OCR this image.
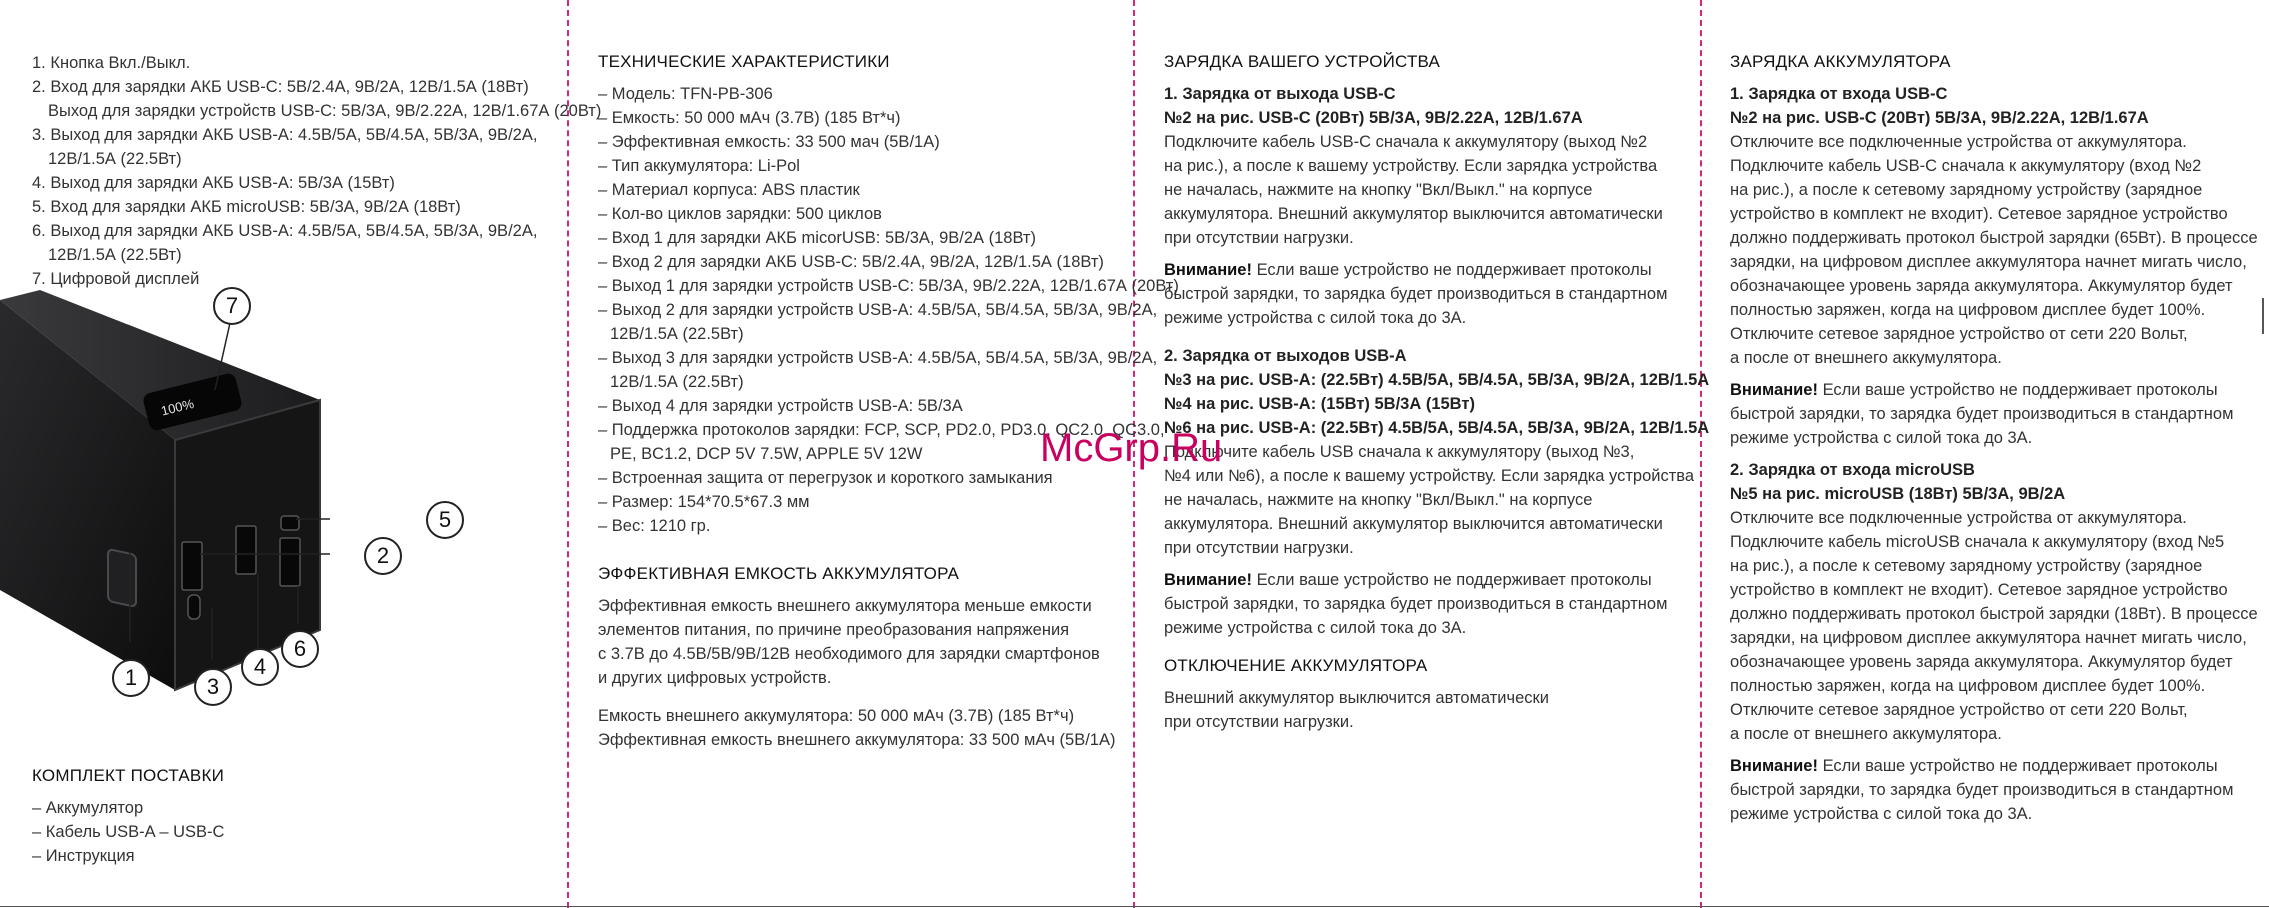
1. Кнопка Вкл./Выкл.
2. Вход для зарядки АКБ USB-C: 5В/2.4А, 9В/2А, 12В/1.5А (18Вт)
Выход для зарядки устройств USB-C: 5В/3А, 9В/2.22А, 12В/1.67А (20Вт)
3. Выход для зарядки АКБ USB-A: 4.5В/5А, 5В/4.5А, 5В/3А, 9В/2А,
12В/1.5А (22.5Вт)
4. Выход для зарядки АКБ USB-A: 5В/3А (15Вт)
5. Вход для зарядки АКБ microUSB: 5В/3А, 9В/2А (18Вт)
6. Выход для зарядки АКБ USB-A: 4.5В/5А, 5В/4.5А, 5В/3А, 9В/2А,
12В/1.5А (22.5Вт)
7. Цифровой дисплей
КОМПЛЕКТ ПОСТАВКИ
– Аккумулятор
– Кабель USB-A – USB-C
– Инструкция
100%
7
5
2
1	3
4
6
ТЕХНИЧЕСКИЕ ХАРАКТЕРИСТИКИ
– Модель: TFN-PB-306
– Емкость: 50 000 мАч (3.7В) (185 Вт*ч)
– Эффективная емкость: 33 500 мач (5В/1А)
– Тип аккумулятора: Li-Pol
– Материал корпуса: ABS пластик
– Кол-во циклов зарядки: 500 циклов
– Вход 1 для зарядки АКБ micorUSB: 5В/3А, 9В/2А (18Вт)
– Вход 2 для зарядки АКБ USB-C: 5В/2.4А, 9В/2А, 12В/1.5А (18Вт)
– Выход 1 для зарядки устройств USB-C: 5В/3А, 9В/2.22А, 12В/1.67А (20Вт)
– Выход 2 для зарядки устройств USB-A: 4.5В/5А, 5В/4.5А, 5В/3А, 9В/2А,
12В/1.5А (22.5Вт)
– Выход 3 для зарядки устройств USB-A: 4.5В/5А, 5В/4.5А, 5В/3А, 9В/2А,
12В/1.5А (22.5Вт)
– Выход 4 для зарядки устройств USB-A: 5В/3А
– Поддержка протоколов зарядки: FCP, SCP, PD2.0, PD3.0, QC2.0, QC3.0,
PE, BC1.2, DCP 5V 7.5W, APPLE 5V 12W
– Встроенная защита от перегрузок и короткого замыкания
– Размер: 154*70.5*67.3 мм
– Вес: 1210 гр.
ЭФФЕКТИВНАЯ ЕМКОСТЬ АККУМУЛЯТОРА
Эффективная емкость внешнего аккумулятора меньше емкости
элементов питания, по причине преобразования напряжения
с 3.7В до 4.5В/5В/9В/12В необходимого для зарядки смартфонов
и других цифровых устройств.
Емкость внешнего аккумулятора: 50 000 мАч (3.7В) (185 Вт*ч)
Эффективная емкость внешнего аккумулятора: 33 500 мАч (5В/1А)
ЗАРЯДКА ВАШЕГО УСТРОЙСТВА
1. Зарядка от выхода USB-C
№2 на рис. USB-C (20Вт) 5В/3А, 9В/2.22А, 12В/1.67А
Подключите кабель USB-C сначала к аккумулятору (выход №2
на рис.), а после к вашему устройству. Если зарядка устройства
не началась, нажмите на кнопку "Вкл/Выкл." на корпусе
аккумулятора. Внешний аккумулятор выключится автоматически
при отсутствии нагрузки.
Внимание! Если ваше устройство не поддерживает протоколы
быстрой зарядки, то зарядка будет производиться в стандартном
режиме устройства с силой тока до 3А.
2. Зарядка от выходов USB-A
№3 на рис. USB-A: (22.5Вт) 4.5В/5А, 5В/4.5А, 5В/3А, 9В/2А, 12В/1.5А
№4 на рис. USB-A: (15Вт) 5В/3А (15Вт)
№6 на рис. USB-A: (22.5Вт) 4.5В/5А, 5В/4.5А, 5В/3А, 9В/2А, 12В/1.5А
Подключите кабель USB сначала к аккумулятору (выход №3,
№4 или №6), а после к вашему устройству. Если зарядка устройства
не началась, нажмите на кнопку "Вкл/Выкл." на корпусе
аккумулятора. Внешний аккумулятор выключится автоматически
при отсутствии нагрузки.
Внимание! Если ваше устройство не поддерживает протоколы
быстрой зарядки, то зарядка будет производиться в стандартном
режиме устройства с силой тока до 3А.
ОТКЛЮЧЕНИЕ АККУМУЛЯТОРА
Внешний аккумулятор выключится автоматически
при отсутствии нагрузки.
ЗАРЯДКА АККУМУЛЯТОРА
1. Зарядка от входа USB-C
№2 на рис. USB-C (20Вт) 5В/3А, 9В/2.22А, 12В/1.67А
Отключите все подключенные устройства от аккумулятора.
Подключите кабель USB-C сначала к аккумулятору (вход №2
на рис.), а после к сетевому зарядному устройству (зарядное
устройство в комплект не входит). Сетевое зарядное устройство
должно поддерживать протокол быстрой зарядки (65Вт). В процессе
зарядки, на цифровом дисплее аккумулятора начнет мигать число,
обозначающее уровень заряда аккумулятора. Аккумулятор будет
полностью заряжен, когда на цифровом дисплее будет 100%.
Отключите сетевое зарядное устройство от сети 220 Вольт,
а после от внешнего аккумулятора.
Внимание! Если ваше устройство не поддерживает протоколы
быстрой зарядки, то зарядка будет производиться в стандартном
режиме устройства с силой тока до 3А.
2. Зарядка от входа microUSB
№5 на рис. microUSB (18Вт) 5В/3А, 9В/2А
Отключите все подключенные устройства от аккумулятора.
Подключите кабель microUSB сначала к аккумулятору (вход №5
на рис.), а после к сетевому зарядному устройству (зарядное
устройство в комплект не входит). Сетевое зарядное устройство
должно поддерживать протокол быстрой зарядки (18Вт). В процессе
зарядки, на цифровом дисплее аккумулятора начнет мигать число,
обозначающее уровень заряда аккумулятора. Аккумулятор будет
полностью заряжен, когда на цифровом дисплее будет 100%.
Отключите сетевое зарядное устройство от сети 220 Вольт,
а после от внешнего аккумулятора.
Внимание! Если ваше устройство не поддерживает протоколы
быстрой зарядки, то зарядка будет производиться в стандартном
режиме устройства с силой тока до 3А.
McGrp.Ru
